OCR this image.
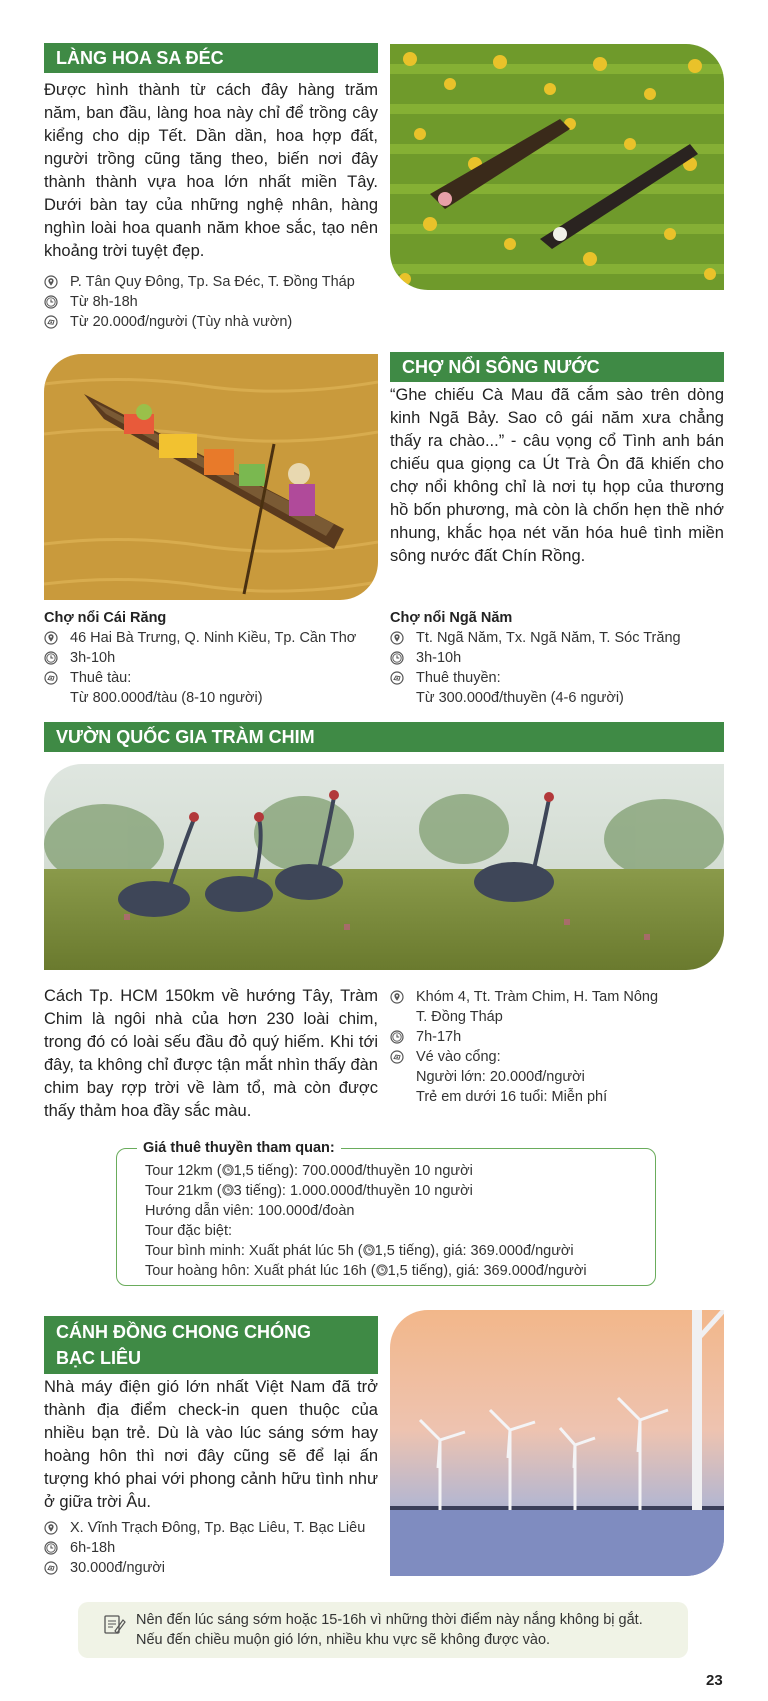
LÀNG HOA SA ĐÉC
Được hình thành từ cách đây hàng trăm năm, ban đầu, làng hoa này chỉ để trồng cây kiểng cho dịp Tết. Dần dần, hoa hợp đất, người trồng cũng tăng theo, biến nơi đây thành thành vựa hoa lớn nhất miền Tây. Dưới bàn tay của những nghệ nhân, hàng nghìn loài hoa quanh năm khoe sắc, tạo nên khoảng trời tuyệt đẹp.
P. Tân Quy Đông, Tp. Sa Đéc, T. Đồng Tháp
Từ 8h-18h
Từ 20.000đ/người (Tùy nhà vườn)
CHỢ NỔI SÔNG NƯỚC
“Ghe chiếu Cà Mau đã cắm sào trên dòng kinh Ngã Bảy. Sao cô gái năm xưa chẳng thấy ra chào...” - câu vọng cổ Tình anh bán chiếu qua giọng ca Út Trà Ôn đã khiến cho chợ nổi không chỉ là nơi tụ họp của thương hồ bốn phương, mà còn là chốn hẹn thề nhớ nhung, khắc họa nét văn hóa huê tình miền sông nước đất Chín Rồng.
Chợ nổi Cái Răng
46 Hai Bà Trưng, Q. Ninh Kiều, Tp. Cần Thơ
3h-10h
Thuê tàu:
Từ 800.000đ/tàu (8-10 người)
Chợ nổi Ngã Năm
Tt. Ngã Năm, Tx. Ngã Năm, T. Sóc Trăng
3h-10h
Thuê thuyền:
Từ 300.000đ/thuyền (4-6 người)
VƯỜN QUỐC GIA TRÀM CHIM
Cách Tp. HCM 150km về hướng Tây, Tràm Chim là ngôi nhà của hơn 230 loài chim, trong đó có loài sếu đầu đỏ quý hiếm. Khi tới đây, ta không chỉ được tận mắt nhìn thấy đàn chim bay rợp trời về làm tổ, mà còn được thấy thảm hoa đầy sắc màu.
Khóm 4, Tt. Tràm Chim, H. Tam Nông
T. Đồng Tháp
7h-17h
Vé vào cổng:
Người lớn: 20.000đ/người
Trẻ em dưới 16 tuổi: Miễn phí
Giá thuê thuyền tham quan:
Tour 12km ( 1,5 tiếng): 700.000đ/thuyền 10 người
Tour 21km ( 3 tiếng): 1.000.000đ/thuyền 10 người
Hướng dẫn viên: 100.000đ/đoàn
Tour đặc biệt:
Tour bình minh: Xuất phát lúc 5h ( 1,5 tiếng), giá: 369.000đ/người
Tour hoàng hôn: Xuất phát lúc 16h ( 1,5 tiếng), giá: 369.000đ/người
CÁNH ĐỒNG CHONG CHÓNG
BẠC LIÊU
Nhà máy điện gió lớn nhất Việt Nam đã trở thành địa điểm check-in quen thuộc của nhiều bạn trẻ. Dù là vào lúc sáng sớm hay hoàng hôn thì nơi đây cũng sẽ để lại ấn tượng khó phai với phong cảnh hữu tình như ở giữa trời Âu.
X. Vĩnh Trạch Đông, Tp. Bạc Liêu, T. Bạc Liêu
6h-18h
30.000đ/người
Nên đến lúc sáng sớm hoặc 15-16h vì những thời điểm này nắng không bị gắt.
Nếu đến chiều muộn gió lớn, nhiều khu vực sẽ không được vào.
23
